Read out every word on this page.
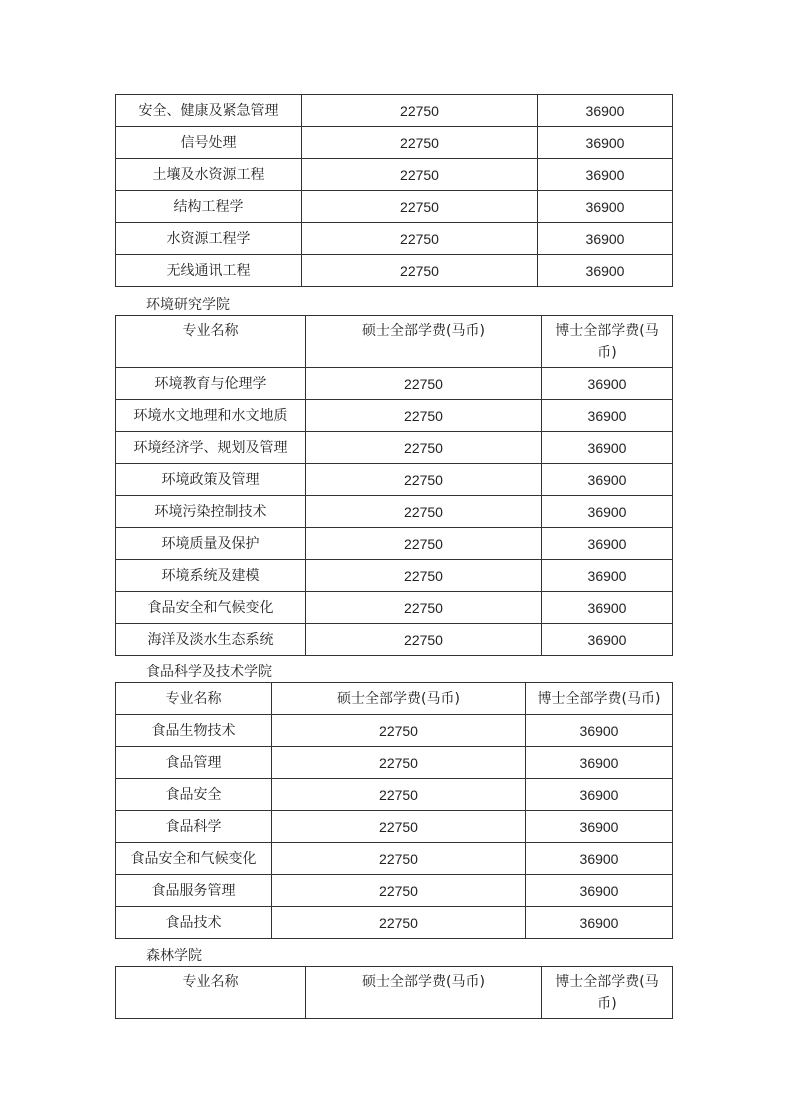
安全、健康及紧急管理	22750	36900
信号处理	22750	36900
土壤及水资源工程	22750	36900
结构工程学	22750	36900
水资源工程学	22750	36900
无线通讯工程	22750	36900
环境研究学院
专业名称	硕士全部学费(马币)	博士全部学费(马
币)
环境教育与伦理学	22750	36900
环境水文地理和水文地质	22750	36900
环境经济学、规划及管理	22750	36900
环境政策及管理	22750	36900
环境污染控制技术	22750	36900
环境质量及保护	22750	36900
环境系统及建模	22750	36900
食品安全和气候变化	22750	36900
海洋及淡水生态系统	22750	36900
食品科学及技术学院
专业名称	硕士全部学费(马币)	博士全部学费(马币)
食品生物技术	22750	36900
食品管理	22750	36900
食品安全	22750	36900
食品科学	22750	36900
食品安全和气候变化	22750	36900
食品服务管理	22750	36900
食品技术	22750	36900
森林学院
专业名称	硕士全部学费(马币)	博士全部学费(马
币)
